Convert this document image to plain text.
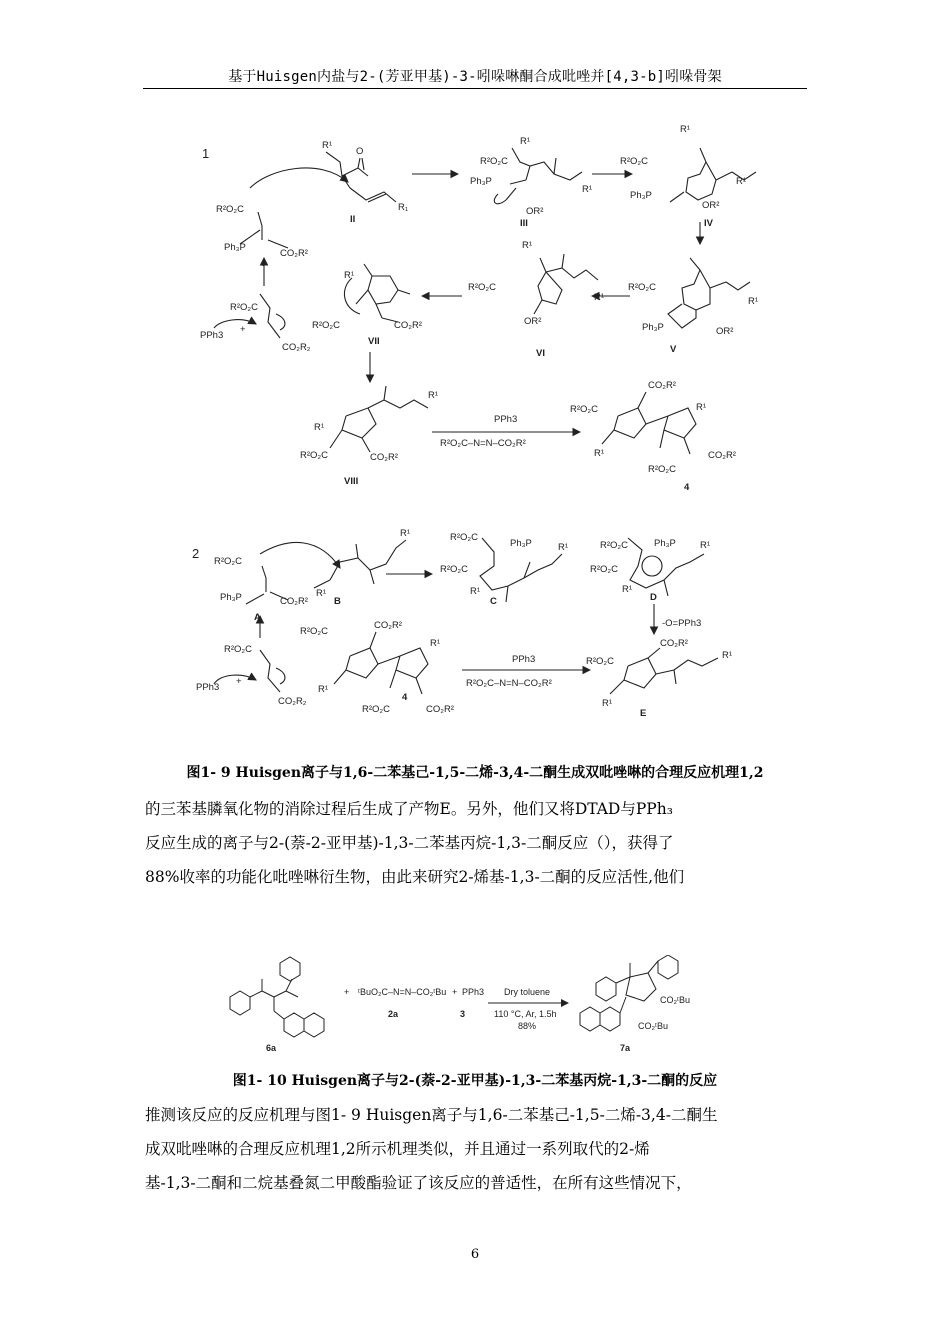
基于Huisgen内盐与2-(芳亚甲基)-3-吲哚啉酮合成吡唑并[4,3-b]吲哚骨架
1
2
R²O₂C
Ph₃P
CO₂R²
R¹
O
R₁
R²O₂C
Ph₃P
R¹
R¹
OR²
R²O₂C
Ph₃P
R¹
R¹
OR²
R²O₂C
Ph₃P	OR²
R¹
R²O₂C
R¹
R¹
OR²
R¹
R²O₂C	CO₂R²
R²O₂C
PPh3
+
CO₂R₂
R¹
R¹
R²O₂C	CO₂R²
PPh3
R²O₂C–N=N–CO₂R²
R²O₂C
CO₂R²
R¹
R¹
R²O₂C
CO₂R²
I
II	III	IV
V
VI
VII
VIII
4
R²O₂C
Ph₃P	CO₂R²
R¹
R¹	R²O₂C
R²O₂C
Ph₃P
R¹
R¹	R²O₂C
R²O₂C
Ph₃P
R¹
R¹
-O=PPh3
R²O₂C
CO₂R²
R¹
R¹
PPh3
R²O₂C–N=N–CO₂R²
R²O₂C
CO₂R²
R¹
R¹
R²O₂C	CO₂R²
R²O₂C
PPh3
+
CO₂R₂
A
B	C	D
E
4
图1- 9 Huisgen离子与1,6-二苯基己-1,5-二烯-3,4-二酮生成双吡唑啉的合理反应机理1,2

的三苯基膦氧化物的消除过程后生成了产物E。另外，他们又将DTAD与PPh₃

反应生成的离子与2-(萘-2-亚甲基)-1,3-二苯基丙烷-1,3-二酮反应（），获得了

88%收率的功能化吡唑啉衍生物，由此来研究2-烯基-1,3-二酮的反应活性,他们

+ ᵗBuO₂C–N=N–CO₂ᵗBu + PPh3 Dry toluene
110 °C, Ar, 1.5h
88%
CO₂ᵗBu
CO₂ᵗBu
6a
2a	3
7a
图1- 10 Huisgen离子与2-(萘-2-亚甲基)-1,3-二苯基丙烷-1,3-二酮的反应

推测该反应的反应机理与图1- 9 Huisgen离子与1,6-二苯基己-1,5-二烯-3,4-二酮生

成双吡唑啉的合理反应机理1,2所示机理类似，并且通过一系列取代的2-烯

基-1,3-二酮和二烷基叠氮二甲酸酯验证了该反应的普适性，在所有这些情况下，

6
